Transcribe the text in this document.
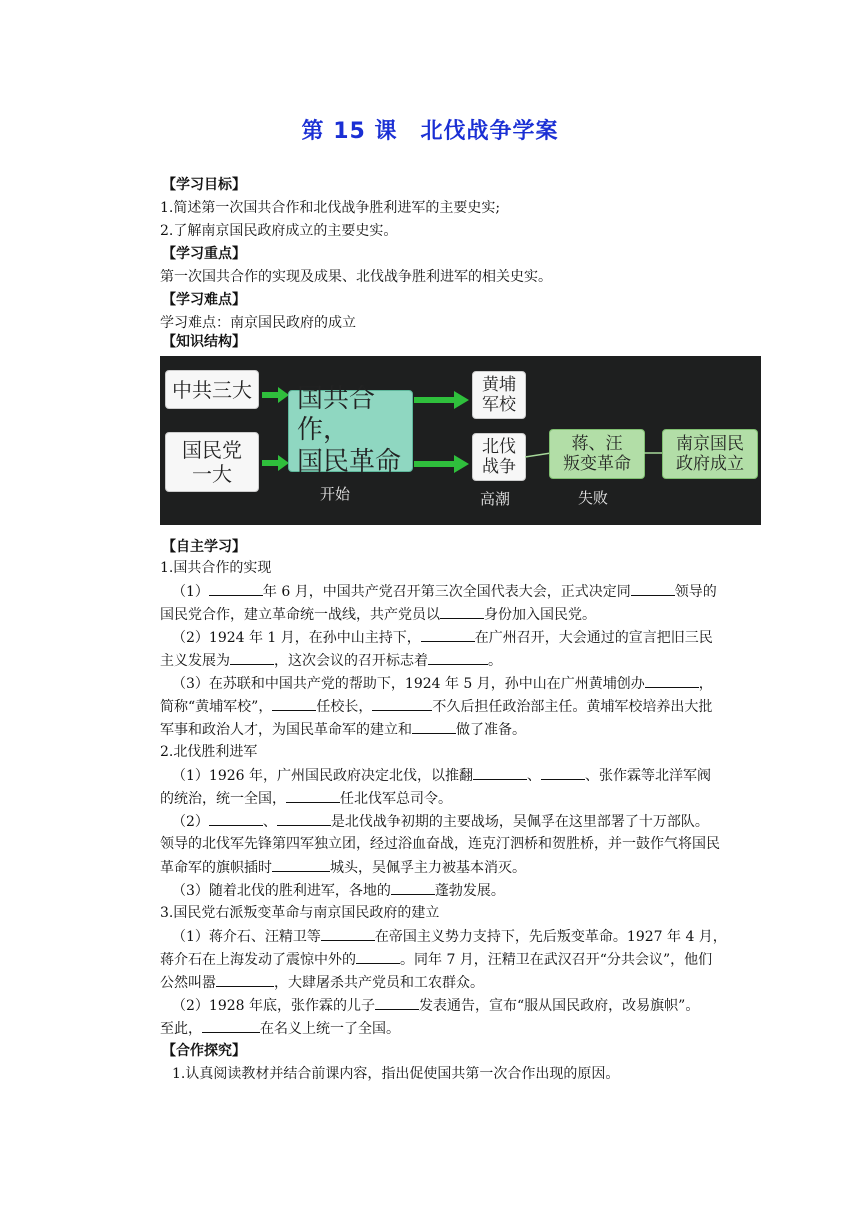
第 15 课　北伐战争学案
【学习目标】
1.简述第一次国共合作和北伐战争胜利进军的主要史实;
2.了解南京国民政府成立的主要史实。
【学习重点】
第一次国共合作的实现及成果、北伐战争胜利进军的相关史实。
【学习难点】
学习难点：南京国民政府的成立
【知识结构】
中共三大
国民党
一大
国共合作，
国民革命
开始
黄埔
军校
北伐
战争
高潮
蒋、汪
叛变革命
失败
南京国民
政府成立
【自主学习】
1.国共合作的实现
（1）	年 6 月，中国共产党召开第三次全国代表大会，正式决定同	领导的
国民党合作，建立革命统一战线，共产党员以	身份加入国民党。
（2）1924 年 1 月，在孙中山主持下，	在广州召开，大会通过的宣言把旧三民
主义发展为	，这次会议的召开标志着	。
（3）在苏联和中国共产党的帮助下，1924 年 5 月，孙中山在广州黄埔创办	，
简称“黄埔军校”，	任校长，	不久后担任政治部主任。黄埔军校培养出大批
军事和政治人才，为国民革命军的建立和	做了准备。
2.北伐胜利进军
（1）1926 年，广州国民政府决定北伐，以推翻	、	、张作霖等北洋军阀
的统治，统一全国，	任北伐军总司令。
（2）	、	是北伐战争初期的主要战场，吴佩孚在这里部署了十万部队。
领导的北伐军先锋第四军独立团，经过浴血奋战，连克汀泗桥和贺胜桥，并一鼓作气将国民
革命军的旗帜插时	城头，吴佩孚主力被基本消灭。
（3）随着北伐的胜利进军，各地的	蓬勃发展。
3.国民党右派叛变革命与南京国民政府的建立
（1）蒋介石、汪精卫等	在帝国主义势力支持下，先后叛变革命。1927 年 4 月，
蒋介石在上海发动了震惊中外的	。同年 7 月，汪精卫在武汉召开“分共会议”，他们
公然叫嚣	，大肆屠杀共产党员和工农群众。
（2）1928 年底，张作霖的儿子	发表通告，宣布“服从国民政府，改易旗帜”。
至此，	在名义上统一了全国。
【合作探究】
1.认真阅读教材并结合前课内容，指出促使国共第一次合作出现的原因。
